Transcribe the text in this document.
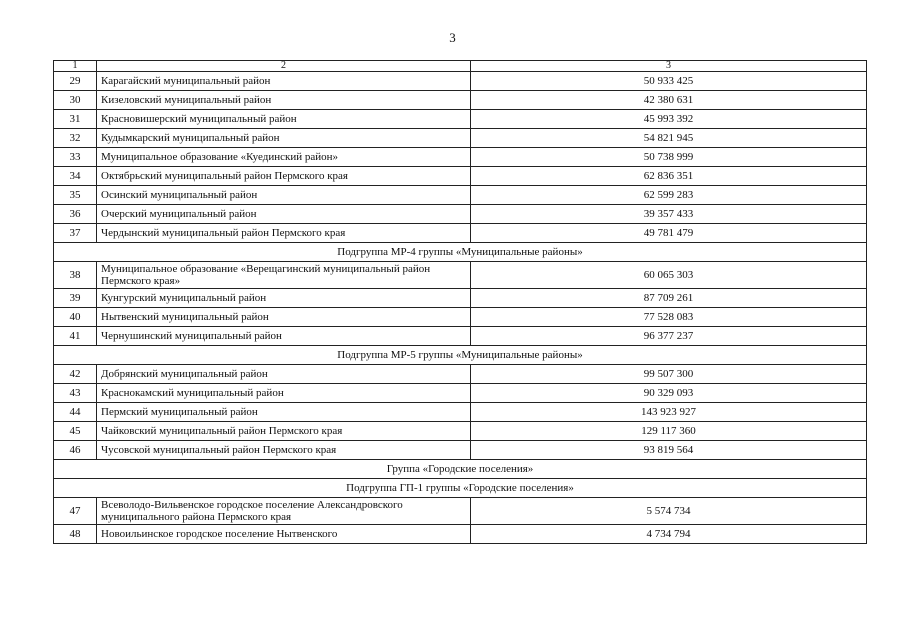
3
1	2	3
29	Карагайский муниципальный район	50 933 425
30	Кизеловский муниципальный район	42 380 631
31	Красновишерский муниципальный район	45 993 392
32	Кудымкарский муниципальный район	54 821 945
33	Муниципальное образование «Куединский район»	50 738 999
34	Октябрьский муниципальный район Пермского края	62 836 351
35	Осинский муниципальный район	62 599 283
36	Очерский муниципальный район	39 357 433
37	Чердынский муниципальный район Пермского края	49 781 479
Подгруппа МР-4 группы «Муниципальные районы»		
38	Муниципальное образование «Верещагинский муниципальный район Пермского края»	60 065 303
39	Кунгурский муниципальный район	87 709 261
40	Нытвенский муниципальный район	77 528 083
41	Чернушинский муниципальный район	96 377 237
Подгруппа МР-5 группы «Муниципальные районы»		
42	Добрянский муниципальный район	99 507 300
43	Краснокамский муниципальный район	90 329 093
44	Пермский муниципальный район	143 923 927
45	Чайковский муниципальный район Пермского края	129 117 360
46	Чусовской муниципальный район Пермского края	93 819 564
Группа «Городские поселения»		
Подгруппа ГП-1 группы «Городские поселения»		
47	Всеволодо-Вильвенское городское поселение Александровского муниципального района Пермского края	5 574 734
48	Новоильинское городское поселение Нытвенского	4 734 794
